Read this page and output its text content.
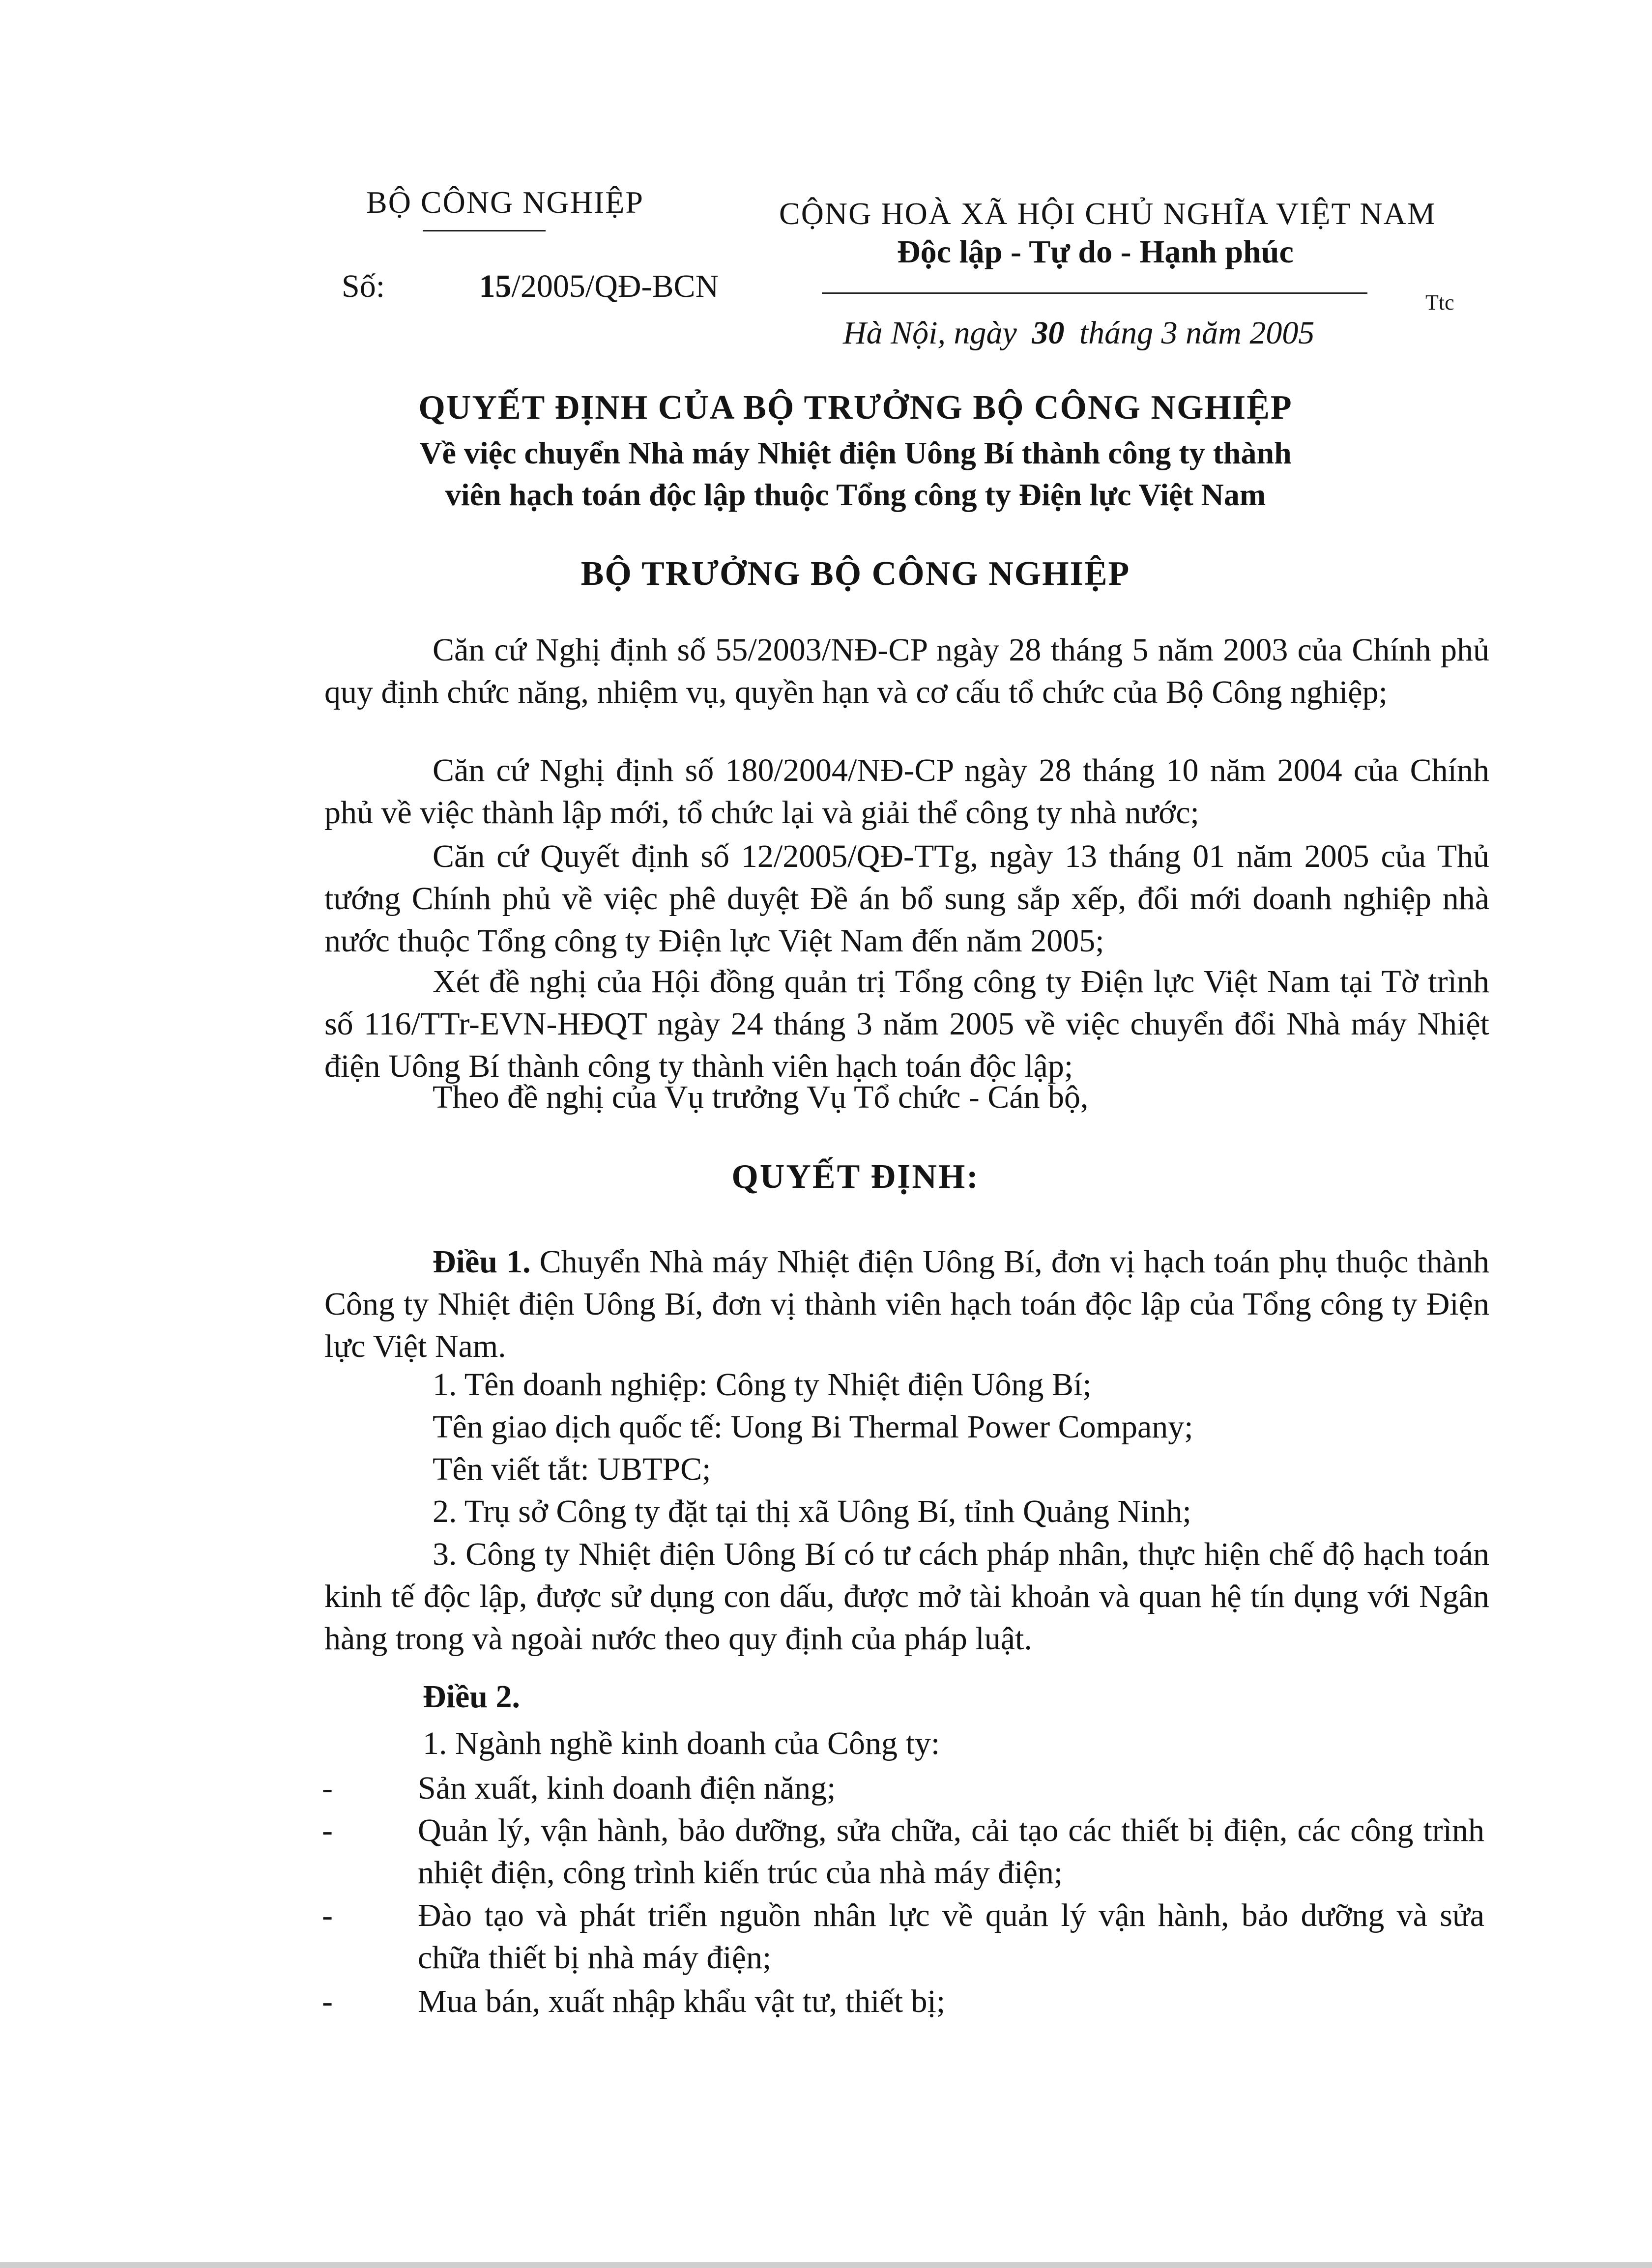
BỘ CÔNG NGHIỆP
Số:	15/2005/QĐ-BCN
CỘNG HOÀ XÃ HỘI CHỦ NGHĨA VIỆT NAM
Độc lập - Tự do - Hạnh phúc
Ttc
Hà Nội, ngày 30 tháng 3 năm 2005
QUYẾT ĐỊNH CỦA BỘ TRƯỞNG BỘ CÔNG NGHIỆP
Về việc chuyển Nhà máy Nhiệt điện Uông Bí thành công ty thành
viên hạch toán độc lập thuộc Tổng công ty Điện lực Việt Nam
BỘ TRƯỞNG BỘ CÔNG NGHIỆP
Căn cứ Nghị định số 55/2003/NĐ-CP ngày 28 tháng 5 năm 2003 của Chính phủ quy định chức năng, nhiệm vụ, quyền hạn và cơ cấu tổ chức của Bộ Công nghiệp;
Căn cứ Nghị định số 180/2004/NĐ-CP ngày 28 tháng 10 năm 2004 của Chính phủ về việc thành lập mới, tổ chức lại và giải thể công ty nhà nước;
Căn cứ Quyết định số 12/2005/QĐ-TTg, ngày 13 tháng 01 năm 2005 của Thủ tướng Chính phủ về việc phê duyệt Đề án bổ sung sắp xếp, đổi mới doanh nghiệp nhà nước thuộc Tổng công ty Điện lực Việt Nam đến năm 2005;
Xét đề nghị của Hội đồng quản trị Tổng công ty Điện lực Việt Nam tại Tờ trình số 116/TTr-EVN-HĐQT ngày 24 tháng 3 năm 2005 về việc chuyển đổi Nhà máy Nhiệt điện Uông Bí thành công ty thành viên hạch toán độc lập;
Theo đề nghị của Vụ trưởng Vụ Tổ chức - Cán bộ,
QUYẾT ĐỊNH:
Điều 1. Chuyển Nhà máy Nhiệt điện Uông Bí, đơn vị hạch toán phụ thuộc thành Công ty Nhiệt điện Uông Bí, đơn vị thành viên hạch toán độc lập của Tổng công ty Điện lực Việt Nam.
1. Tên doanh nghiệp: Công ty Nhiệt điện Uông Bí;
Tên giao dịch quốc tế: Uong Bi Thermal Power Company;
Tên viết tắt: UBTPC;
2. Trụ sở Công ty đặt tại thị xã Uông Bí, tỉnh Quảng Ninh;
3. Công ty Nhiệt điện Uông Bí có tư cách pháp nhân, thực hiện chế độ hạch toán kinh tế độc lập, được sử dụng con dấu, được mở tài khoản và quan hệ tín dụng với Ngân hàng trong và ngoài nước theo quy định của pháp luật.
Điều 2.
1. Ngành nghề kinh doanh của Công ty:
-	Sản xuất, kinh doanh điện năng;
-	Quản lý, vận hành, bảo dưỡng, sửa chữa, cải tạo các thiết bị điện, các công trình nhiệt điện, công trình kiến trúc của nhà máy điện;
-	Đào tạo và phát triển nguồn nhân lực về quản lý vận hành, bảo dưỡng và sửa chữa thiết bị nhà máy điện;
-	Mua bán, xuất nhập khẩu vật tư, thiết bị;
